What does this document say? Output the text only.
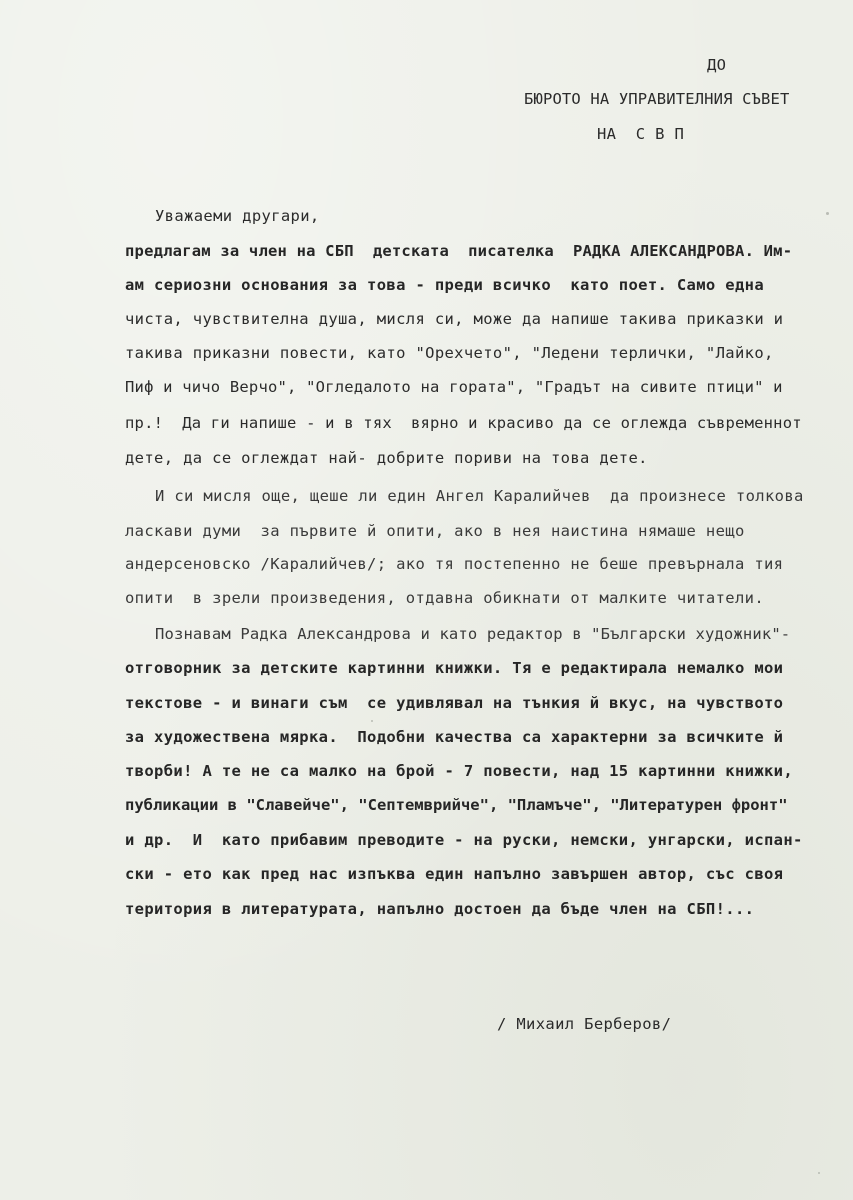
ДО
БЮРОТО НА УПРАВИТЕЛНИЯ СЪВЕТ
НА  С В П
Уважаеми другари,
предлагам за член на СБП  детската  писателка  РАДКА АЛЕКСАНДРОВА. Им-
ам сериозни основания за това - преди всичко  като поет. Само една
чиста, чувствителна душа, мисля си, може да напише такива приказки и
такива приказни повести, като "Орехчето", "Ледени терлички, "Лайко,
Пиф и чичо Верчо", "Огледалото на гората", "Градът на сивите птици" и
пр.!  Да ги напише - и в тях  вярно и красиво да се оглежда съвременнот
дете, да се оглеждат най- добрите пориви на това дете.
И си мисля още, щеше ли един Ангел Каралийчев  да произнесе толкова
ласкави думи  за първите й опити, ако в нея наистина нямаше нещо
андерсеновско /Каралийчев/; ако тя постепенно не беше превърнала тия
опити  в зрели произведения, отдавна обикнати от малките читатели.
Познавам Радка Александрова и като редактор в "Български художник"-
отговорник за детските картинни книжки. Тя е редактирала немалко мои
текстове - и винаги съм  се удивлявал на тънкия й вкус, на чувството
за художествена мярка.  Подобни качества са характерни за всичките й
творби! А те не са малко на брой - 7 повести, над 15 картинни книжки,
публикации в "Славейче", "Септемврийче", "Пламъче", "Литературен фронт"
и др.  И  като прибавим преводите - на руски, немски, унгарски, испан-
ски - ето как пред нас изпъква един напълно завършен автор, със своя
територия в литературата, напълно достоен да бъде член на СБП!...
/ Михаил Берберов/
